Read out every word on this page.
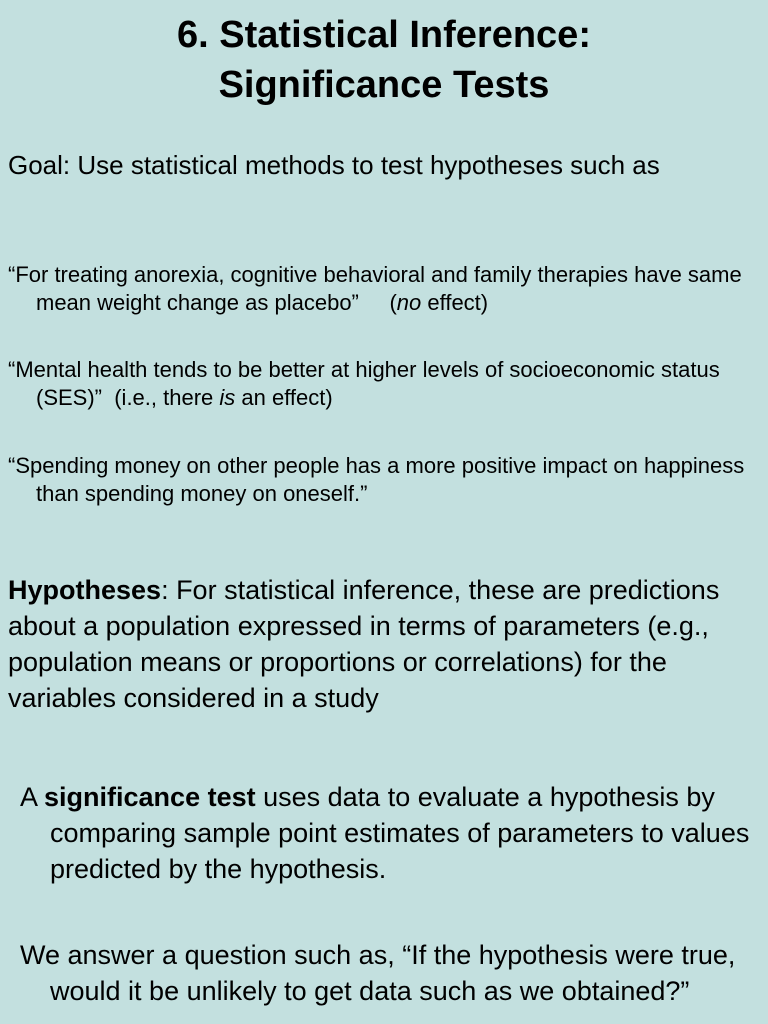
6. Statistical Inference:
Significance Tests

Goal: Use statistical methods to test hypotheses such as

“For treating anorexia, cognitive behavioral and family therapies have same mean weight change as placebo” (no effect)

“Mental health tends to be better at higher levels of socioeconomic status (SES)” (i.e., there is an effect)

“Spending money on other people has a more positive impact on happiness than spending money on oneself.”

Hypotheses: For statistical inference, these are predictions about a population expressed in terms of parameters (e.g., population means or proportions or correlations) for the variables considered in a study

A significance test uses data to evaluate a hypothesis by comparing sample point estimates of parameters to values predicted by the hypothesis.

We answer a question such as, “If the hypothesis were true, would it be unlikely to get data such as we obtained?”
